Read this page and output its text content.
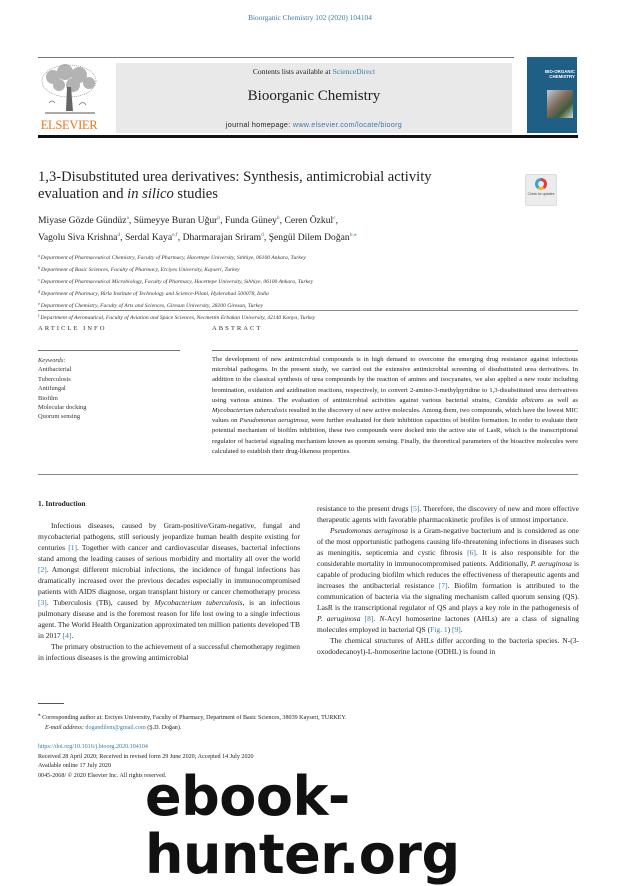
Bioorganic Chemistry 102 (2020) 104104
ELSEVIER
Contents lists available at ScienceDirect
Bioorganic Chemistry
journal homepage: www.elsevier.com/locate/bioorg
BIO-ORGANIC
CHEMISTRY
1,3-Disubstituted urea derivatives: Synthesis, antimicrobial activity evaluation and in silico studies	Check for updates
Miyase Gözde Gündüz$^a$, Sümeyye Buran Uğur$^b$, Funda Güney$^b$, Ceren Özkul$^c$,
Vagolu Siva Krishna$^d$, Serdal Kaya$^{e,f}$, Dharmarajan Sriram$^d$, Şengül Dilem Doğan$^{b,⁎}$
$^a$Department of Pharmaceutical Chemistry, Faculty of Pharmacy, Hacettepe University, Sıhhiye, 06100 Ankara, Turkey
$^b$Department of Basic Sciences, Faculty of Pharmacy, Erciyes University, Kayseri, Turkey
$^c$Department of Pharmaceutical Microbiology, Faculty of Pharmacy, Hacettepe University, Sıhhiye, 06100 Ankara, Turkey
$^d$Department of Pharmacy, Birla Institute of Technology and Science-Pilani, Hyderabad 500078, India
$^e$Department of Chemistry, Faculty of Arts and Sciences, Giresun University, 28200 Giresun, Turkey
$^f$Department of Aeronautical, Faculty of Aviation and Space Sciences, Necmettin Erbakan University, 42140 Konya, Turkey
ARTICLE INFO	ABSTRACT
Keywords:
Antibacterial
Tuberculosis
Antifungal
Biofilm
Molecular docking
Quorum sensing
The development of new antimicrobial compounds is in high demand to overcome the emerging drug resistance against infectious microbial pathogens. In the present study, we carried out the extensive antimicrobial screening of disubstituted urea derivatives. In addition to the classical synthesis of urea compounds by the reaction of amines and isocyanates, we also applied a new route including bromination, oxidation and azidination reactions, respectively, to convert 2-amino-3-methylpyridine to 1,3-disubstituted urea derivatives using various amines. The evaluation of antimicrobial activities against various bacterial strains, Candida albicans as well as Mycobacterium tuberculosis resulted in the discovery of new active molecules. Among them, two compounds, which have the lowest MIC values on Pseudomonas aeruginosa, were further evaluated for their inhibition capacities of biofilm formation. In order to evaluate their potential mechanism of biofilm inhibition, these two compounds were docked into the active site of LasR, which is the transcriptional regulator of bacterial signaling mechanism known as quorum sensing. Finally, the theoretical parameters of the bioactive molecules were calculated to establish their drug-likeness properties.
1. Introduction

Infectious diseases, caused by Gram-positive/Gram-negative, fungal and mycobacterial pathogens, still seriously jeopardize human health despite existing for centuries [1]. Together with cancer and cardiovascular diseases, bacterial infections stand among the leading causes of serious morbidity and mortality all over the world [2]. Amongst different microbial infections, the incidence of fungal infections has dramatically increased over the previous decades especially in immunocompromised patients with AIDS diagnose, organ transplant history or cancer chemotherapy process [3]. Tuberculosis (TB), caused by Mycobacterium tuberculosis, is an infectious pulmonary disease and is the foremost reason for life lost owing to a single infectious agent. The World Health Organization approximated ten million patients developed TB in 2017 [4].

The primary obstruction to the achievement of a successful chemotherapy regimen in infectious diseases is the growing antimicrobial

resistance to the present drugs [5]. Therefore, the discovery of new and more effective therapeutic agents with favorable pharmacokinetic profiles is of utmost importance.

Pseudomonas aeruginosa is a Gram-negative bacterium and is considered as one of the most opportunistic pathogens causing life-threatening infections in diseases such as meningitis, septicemia and cystic fibrosis [6]. It is also responsible for the considerable mortality in immunocompromised patients. Additionally, P. aeruginosa is capable of producing biofilm which reduces the effectiveness of therapeutic agents and increases the antibacterial resistance [7]. Biofilm formation is attributed to the communication of bacteria via the signaling mechanism called quorum sensing (QS). LasR is the transcriptional regulator of QS and plays a key role in the pathogenesis of P. aeruginosa [8]. N-Acyl homoserine lactones (AHLs) are a class of signaling molecules employed in bacterial QS (Fig. 1) [9].

The chemical structures of AHLs differ according to the bacteria species. N-(3-oxododecanoyl)-L-homoserine lactone (ODHL) is found in

⁎ Corresponding author at: Erciyes University, Faculty of Pharmacy, Department of Basic Sciences, 38039 Kayseri, TURKEY.
E-mail address: dogandilem@gmail.com (Ş.D. Doğan).
https://doi.org/10.1016/j.bioorg.2020.104104
Received 28 April 2020; Received in revised form 29 June 2020; Accepted 14 July 2020
Available online 17 July 2020
0045-2068/ © 2020 Elsevier Inc. All rights reserved.
ebook-hunter.org
